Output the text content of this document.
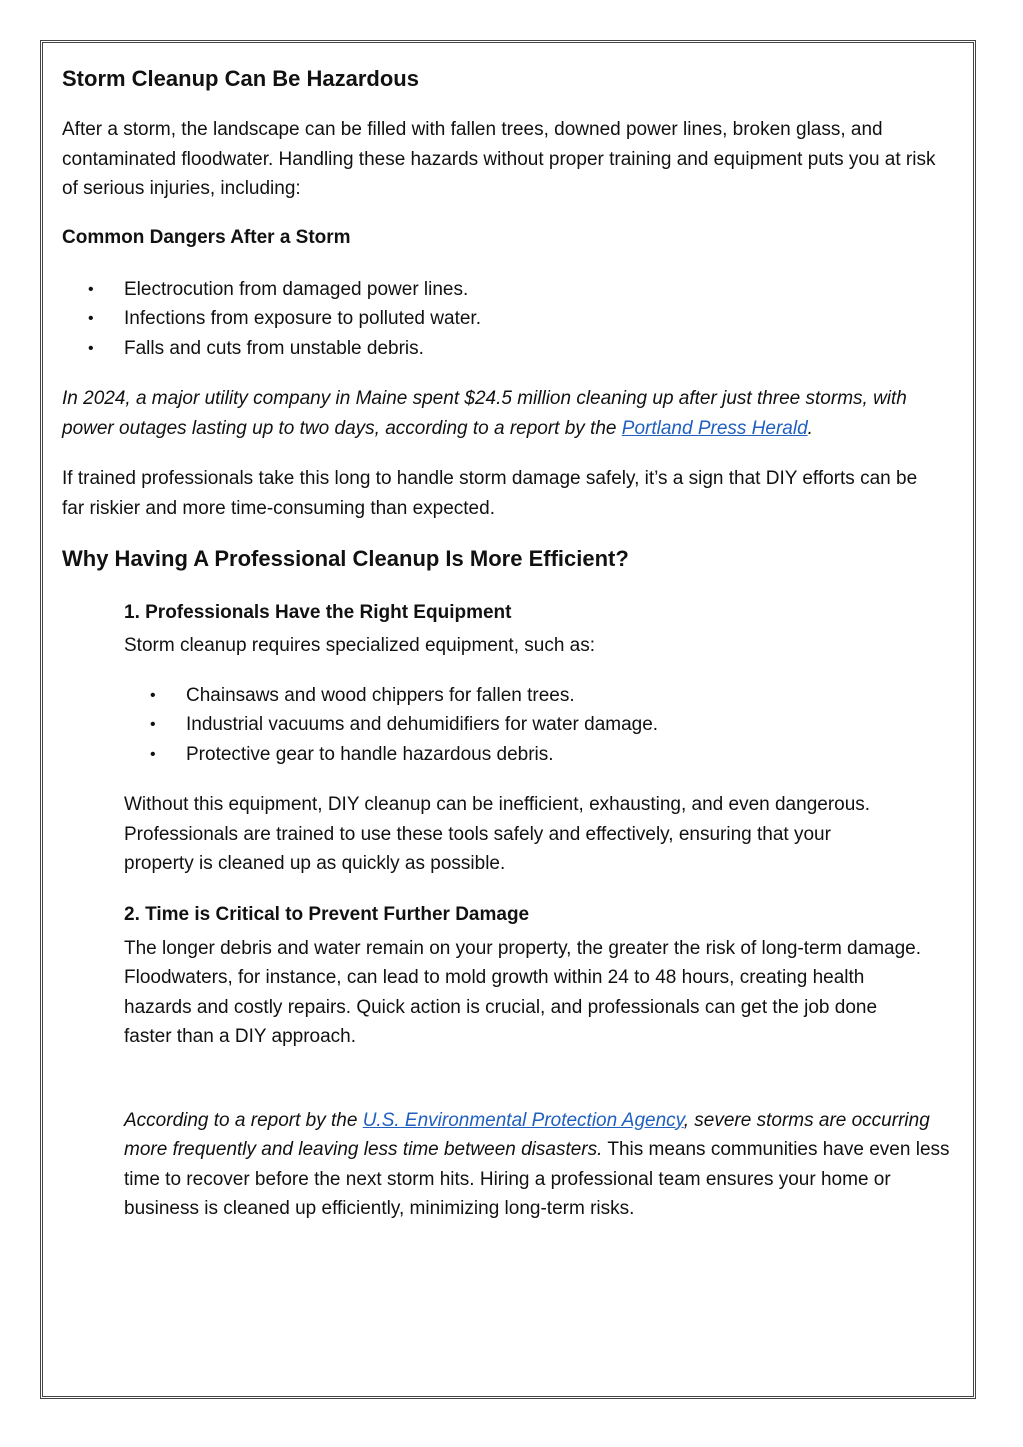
Storm Cleanup Can Be Hazardous

After a storm, the landscape can be filled with fallen trees, downed power lines, broken glass, and contaminated floodwater. Handling these hazards without proper training and equipment puts you at risk of serious injuries, including:

Common Dangers After a Storm
• Electrocution from damaged power lines.
• Infections from exposure to polluted water.
• Falls and cuts from unstable debris.

In 2024, a major utility company in Maine spent $24.5 million cleaning up after just three storms, with power outages lasting up to two days, according to a report by the Portland Press Herald.

If trained professionals take this long to handle storm damage safely, it’s a sign that DIY efforts can be far riskier and more time-consuming than expected.

Why Having A Professional Cleanup Is More Efficient?
1. Professionals Have the Right Equipment

Storm cleanup requires specialized equipment, such as:

• Chainsaws and wood chippers for fallen trees.
• Industrial vacuums and dehumidifiers for water damage.
• Protective gear to handle hazardous debris.

Without this equipment, DIY cleanup can be inefficient, exhausting, and even dangerous. Professionals are trained to use these tools safely and effectively, ensuring that your property is cleaned up as quickly as possible.

2. Time is Critical to Prevent Further Damage

The longer debris and water remain on your property, the greater the risk of long-term damage. Floodwaters, for instance, can lead to mold growth within 24 to 48 hours, creating health hazards and costly repairs. Quick action is crucial, and professionals can get the job done faster than a DIY approach.

According to a report by the U.S. Environmental Protection Agency, severe storms are occurring more frequently and leaving less time between disasters. This means communities have even less time to recover before the next storm hits. Hiring a professional team ensures your home or business is cleaned up efficiently, minimizing long-term risks.
